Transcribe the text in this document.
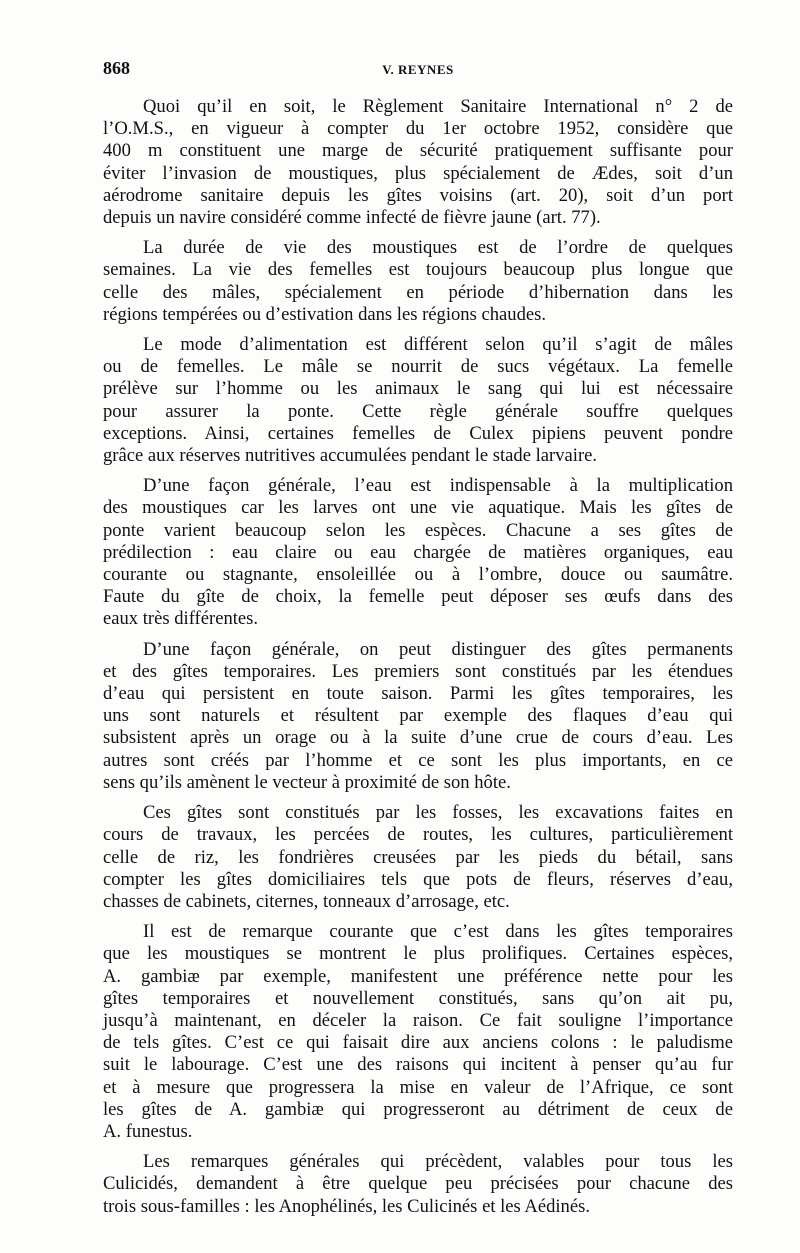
868	V. REYNES

Quoi qu’il en soit, le Règlement Sanitaire International n° 2 de
l’O.M.S., en vigueur à compter du 1er octobre 1952, considère que
400 m constituent une marge de sécurité pratiquement suffisante pour
éviter l’invasion de moustiques, plus spécialement de Ædes, soit d’un
aérodrome sanitaire depuis les gîtes voisins (art. 20), soit d’un port
depuis un navire considéré comme infecté de fièvre jaune (art. 77).

La durée de vie des moustiques est de l’ordre de quelques
semaines. La vie des femelles est toujours beaucoup plus longue que
celle des mâles, spécialement en période d’hibernation dans les
régions tempérées ou d’estivation dans les régions chaudes.

Le mode d’alimentation est différent selon qu’il s’agit de mâles
ou de femelles. Le mâle se nourrit de sucs végétaux. La femelle
prélève sur l’homme ou les animaux le sang qui lui est nécessaire
pour assurer la ponte. Cette règle générale souffre quelques
exceptions. Ainsi, certaines femelles de Culex pipiens peuvent pondre
grâce aux réserves nutritives accumulées pendant le stade larvaire.

D’une façon générale, l’eau est indispensable à la multiplication
des moustiques car les larves ont une vie aquatique. Mais les gîtes de
ponte varient beaucoup selon les espèces. Chacune a ses gîtes de
prédilection : eau claire ou eau chargée de matières organiques, eau
courante ou stagnante, ensoleillée ou à l’ombre, douce ou saumâtre.
Faute du gîte de choix, la femelle peut déposer ses œufs dans des
eaux très différentes.

D’une façon générale, on peut distinguer des gîtes permanents
et des gîtes temporaires. Les premiers sont constitués par les étendues
d’eau qui persistent en toute saison. Parmi les gîtes temporaires, les
uns sont naturels et résultent par exemple des flaques d’eau qui
subsistent après un orage ou à la suite d’une crue de cours d’eau. Les
autres sont créés par l’homme et ce sont les plus importants, en ce
sens qu’ils amènent le vecteur à proximité de son hôte.

Ces gîtes sont constitués par les fosses, les excavations faites en
cours de travaux, les percées de routes, les cultures, particulièrement
celle de riz, les fondrières creusées par les pieds du bétail, sans
compter les gîtes domiciliaires tels que pots de fleurs, réserves d’eau,
chasses de cabinets, citernes, tonneaux d’arrosage, etc.

Il est de remarque courante que c’est dans les gîtes temporaires
que les moustiques se montrent le plus prolifiques. Certaines espèces,
A. gambiæ par exemple, manifestent une préférence nette pour les
gîtes temporaires et nouvellement constitués, sans qu’on ait pu,
jusqu’à maintenant, en déceler la raison. Ce fait souligne l’importance
de tels gîtes. C’est ce qui faisait dire aux anciens colons : le paludisme
suit le labourage. C’est une des raisons qui incitent à penser qu’au fur
et à mesure que progressera la mise en valeur de l’Afrique, ce sont
les gîtes de A. gambiæ qui progresseront au détriment de ceux de
A. funestus.

Les remarques générales qui précèdent, valables pour tous les
Culicidés, demandent à être quelque peu précisées pour chacune des
trois sous-familles : les Anophélinés, les Culicinés et les Aédinés.
